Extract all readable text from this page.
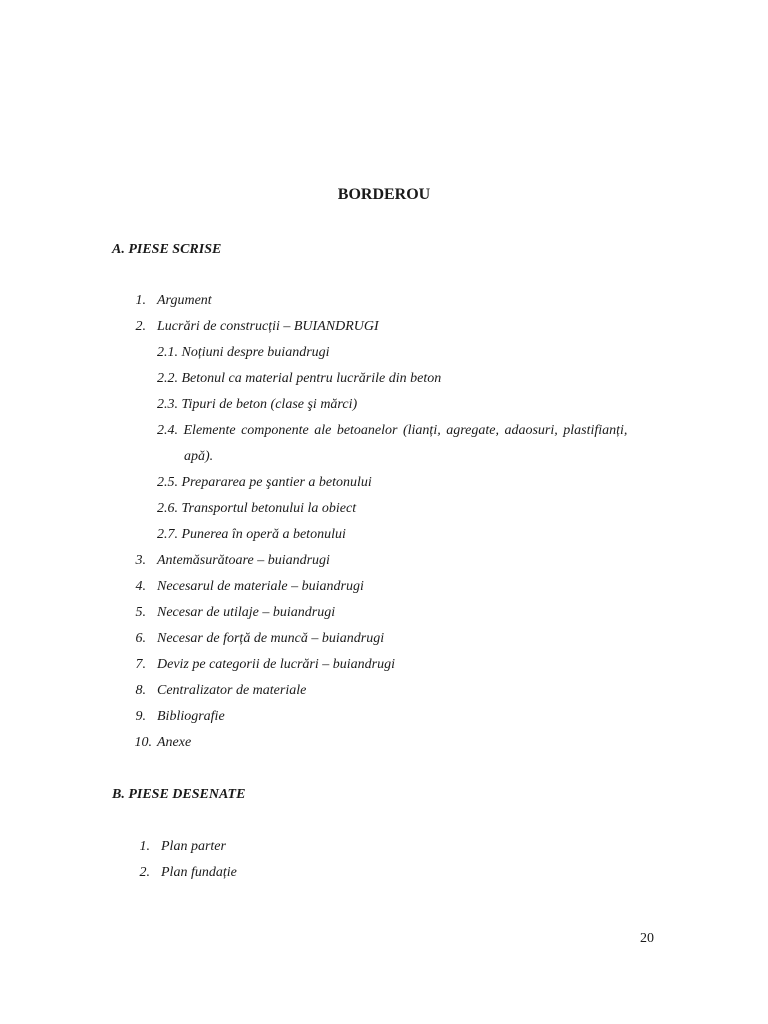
BORDEROU
A. PIESE SCRISE
1. Argument
2. Lucrări de construcții – BUIANDRUGI
2.1. Noțiuni despre buiandrugi
2.2. Betonul ca material pentru lucrările din beton
2.3. Tipuri de beton (clase şi mărci)
2.4. Elemente componente ale betoanelor (lianți, agregate, adaosuri, plastifianți,
apă).
2.5. Prepararea pe şantier a betonului
2.6. Transportul betonului la obiect
2.7. Punerea în operă a betonului
3. Antemăsurătoare – buiandrugi
4. Necesarul de materiale – buiandrugi
5. Necesar de utilaje – buiandrugi
6. Necesar de forță de muncă – buiandrugi
7. Deviz pe categorii de lucrări – buiandrugi
8. Centralizator de materiale
9. Bibliografie
10. Anexe
B. PIESE DESENATE
1. Plan parter
2. Plan fundație
20
